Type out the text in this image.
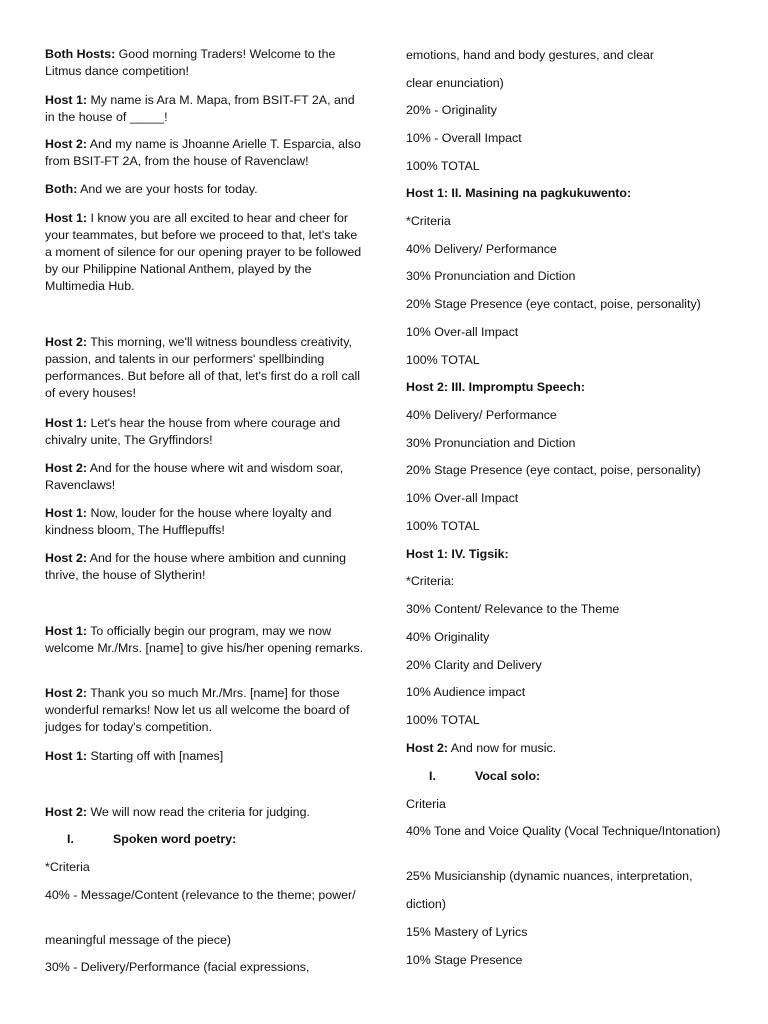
Both Hosts: Good morning Traders! Welcome to the Litmus dance competition!

Host 1: My name is Ara M. Mapa, from BSIT-FT 2A, and in the house of _____!

Host 2: And my name is Jhoanne Arielle T. Esparcia, also from BSIT-FT 2A, from the house of Ravenclaw!

Both: And we are your hosts for today.

Host 1: I know you are all excited to hear and cheer for your teammates, but before we proceed to that, let's take a moment of silence for our opening prayer to be followed by our Philippine National Anthem, played by the Multimedia Hub.

Host 2: This morning, we'll witness boundless creativity, passion, and talents in our performers' spellbinding performances. But before all of that, let's first do a roll call of every houses!

Host 1: Let's hear the house from where courage and chivalry unite, The Gryffindors!

Host 2: And for the house where wit and wisdom soar, Ravenclaws!

Host 1: Now, louder for the house where loyalty and kindness bloom, The Hufflepuffs!

Host 2: And for the house where ambition and cunning thrive, the house of Slytherin!

Host 1: To officially begin our program, may we now welcome Mr./Mrs. [name] to give his/her opening remarks.

Host 2: Thank you so much Mr./Mrs. [name] for those wonderful remarks! Now let us all welcome the board of judges for today's competition.

Host 1: Starting off with [names]

Host 2: We will now read the criteria for judging.

I.	Spoken word poetry:

*Criteria

40% - Message/Content (relevance to the theme; power/

meaningful message of the piece)

30% - Delivery/Performance (facial expressions,

emotions, hand and body gestures, and clear

clear enunciation)

20% - Originality

10% - Overall Impact

100% TOTAL

Host 1: II. Masining na pagkukuwento:

*Criteria

40% Delivery/ Performance

30% Pronunciation and Diction

20% Stage Presence (eye contact, poise, personality)

10% Over-all Impact

100% TOTAL

Host 2: III. Impromptu Speech:

40% Delivery/ Performance

30% Pronunciation and Diction

20% Stage Presence (eye contact, poise, personality)

10% Over-all Impact

100% TOTAL

Host 1: IV. Tigsik:

*Criteria:

30% Content/ Relevance to the Theme

40% Originality

20% Clarity and Delivery

10% Audience impact

100% TOTAL

Host 2: And now for music.

I.	Vocal solo:

Criteria

40% Tone and Voice Quality (Vocal Technique/Intonation)

25% Musicianship (dynamic nuances, interpretation,

diction)

15% Mastery of Lyrics

10% Stage Presence
